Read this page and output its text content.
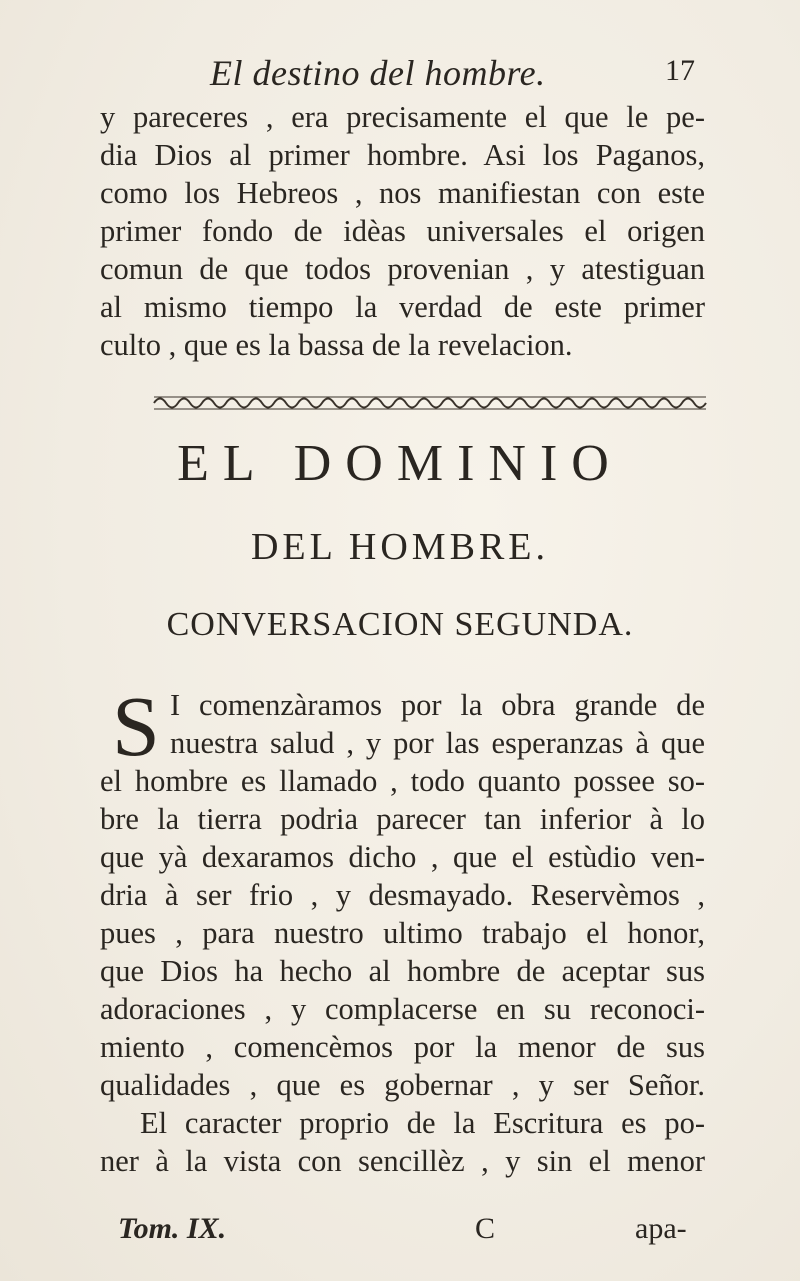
El destino del hombre.	17
y pareceres , era precisamente el que le pe-
dia Dios al primer hombre. Asi los Paganos,
como los Hebreos , nos manifiestan con este
primer fondo de idèas universales el origen
comun de que todos provenian , y atestiguan
al mismo tiempo la verdad de este primer
culto , que es la bassa de la revelacion.
EL DOMINIO
DEL HOMBRE.
CONVERSACION SEGUNDA.
S I comenzàramos por la obra grande de
nuestra salud , y por las esperanzas à que
el hombre es llamado , todo quanto possee so-
bre la tierra podria parecer tan inferior à lo
que yà dexaramos dicho , que el estùdio ven-
dria à ser frio , y desmayado. Reservèmos ,
pues , para nuestro ultimo trabajo el honor,
que Dios ha hecho al hombre de aceptar sus
adoraciones , y complacerse en su reconoci-
miento , comencèmos por la menor de sus
qualidades , que es gobernar , y ser Señor.
El caracter proprio de la Escritura es po-
ner à la vista con sencillèz , y sin el menor
Tom. IX.	C	apa-
